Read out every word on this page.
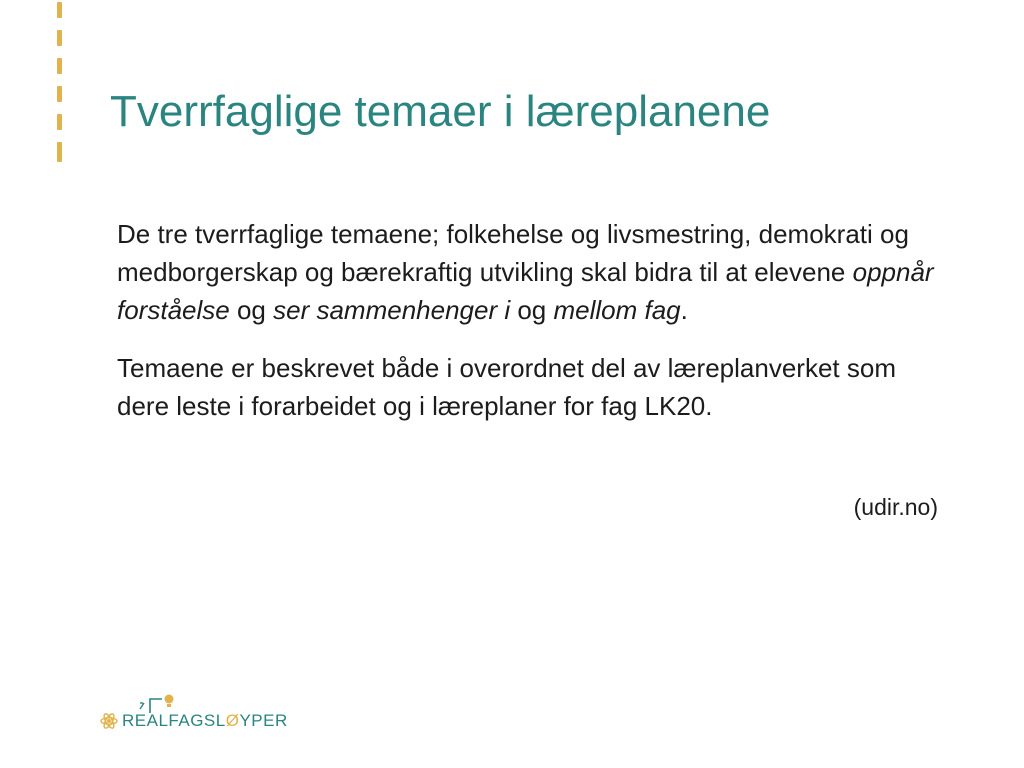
Tverrfaglige temaer i læreplanene

De tre tverrfaglige temaene; folkehelse og livsmestring, demokrati og medborgerskap og bærekraftig utvikling skal bidra til at elevene oppnår forståelse og ser sammenhenger i og mellom fag.

Temaene er beskrevet både i overordnet del av læreplanverket som dere leste i forarbeidet og i læreplaner for fag LK20.

(udir.no)
REALFAGSLØYPER
